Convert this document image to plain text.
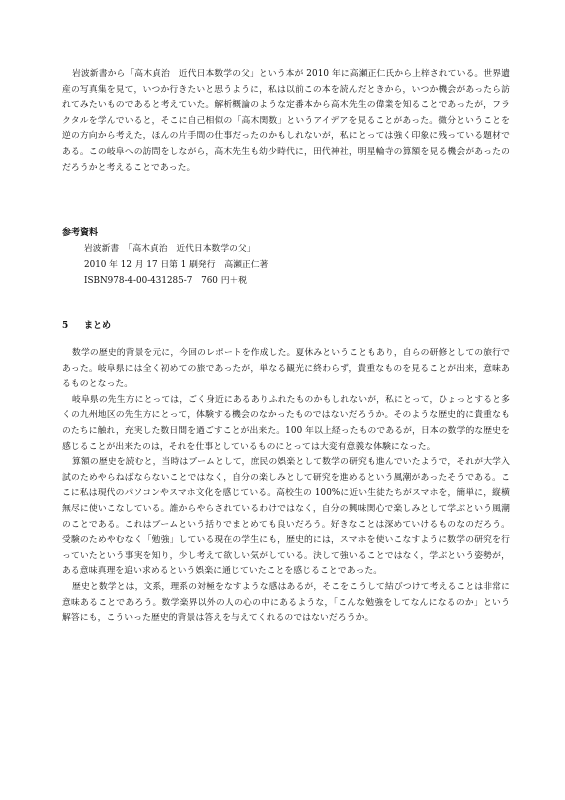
岩波新書から「高木貞治　近代日本数学の父」という本が 2010 年に高瀬正仁氏から上梓されている。世界遺産の写真集を見て，いつか行きたいと思うように，私は以前この本を読んだときから，いつか機会があったら訪れてみたいものであると考えていた。解析概論のような定番本から高木先生の偉業を知ることであったが，フラクタルを学んでいると，そこに自己相似の「高木関数」というアイデアを見ることがあった。微分ということを逆の方向から考えた，ほんの片手間の仕事だったのかもしれないが，私にとっては強く印象に残っている題材である。この岐阜への訪問をしながら，高木先生も幼少時代に，田代神社，明星輪寺の算額を見る機会があったのだろうかと考えることであった。

参考資料

岩波新書　「高木貞治　近代日本数学の父」

2010 年 12 月 17 日第 1 刷発行　高瀬正仁著

ISBN978-4-00-431285-7　760 円＋税

5 まとめ

数学の歴史的背景を元に，今回のレポートを作成した。夏休みということもあり，自らの研修としての旅行であった。岐阜県には全く初めての旅であったが，単なる観光に終わらず，貴重なものを見ることが出来，意味あるものとなった。

岐阜県の先生方にとっては，ごく身近にあるありふれたものかもしれないが，私にとって，ひょっとすると多くの九州地区の先生方にとって，体験する機会のなかったものではないだろうか。そのような歴史的に貴重なものたちに触れ，充実した数日間を過ごすことが出来た。100 年以上経ったものであるが，日本の数学的な歴史を感じることが出来たのは，それを仕事としているものにとっては大変有意義な体験になった。

算額の歴史を読むと，当時はブームとして，庶民の娯楽として数学の研究も進んでいたようで，それが大学入試のためやらねばならないことではなく，自分の楽しみとして研究を進めるという風潮があったそうである。ここに私は現代のパソコンやスマホ文化を感じている。高校生の 100%に近い生徒たちがスマホを，簡単に，縦横無尽に使いこなしている。誰からやらされているわけではなく，自分の興味関心で楽しみとして学ぶという風潮のことである。これはブームという括りでまとめても良いだろう。好きなことは深めていけるものなのだろう。受験のためやむなく「勉強」している現在の学生にも，歴史的には，スマホを使いこなすように数学の研究を行っていたという事実を知り，少し考えて欲しい気がしている。決して強いることではなく，学ぶという姿勢が，ある意味真理を追い求めるという娯楽に通じていたことを感じることであった。

歴史と数学とは，文系，理系の対極をなすような感はあるが，そこをこうして結びつけて考えることは非常に意味あることであろう。数学楽界以外の人の心の中にあるような，「こんな勉強をしてなんになるのか」という解答にも，こういった歴史的背景は答えを与えてくれるのではないだろうか。
